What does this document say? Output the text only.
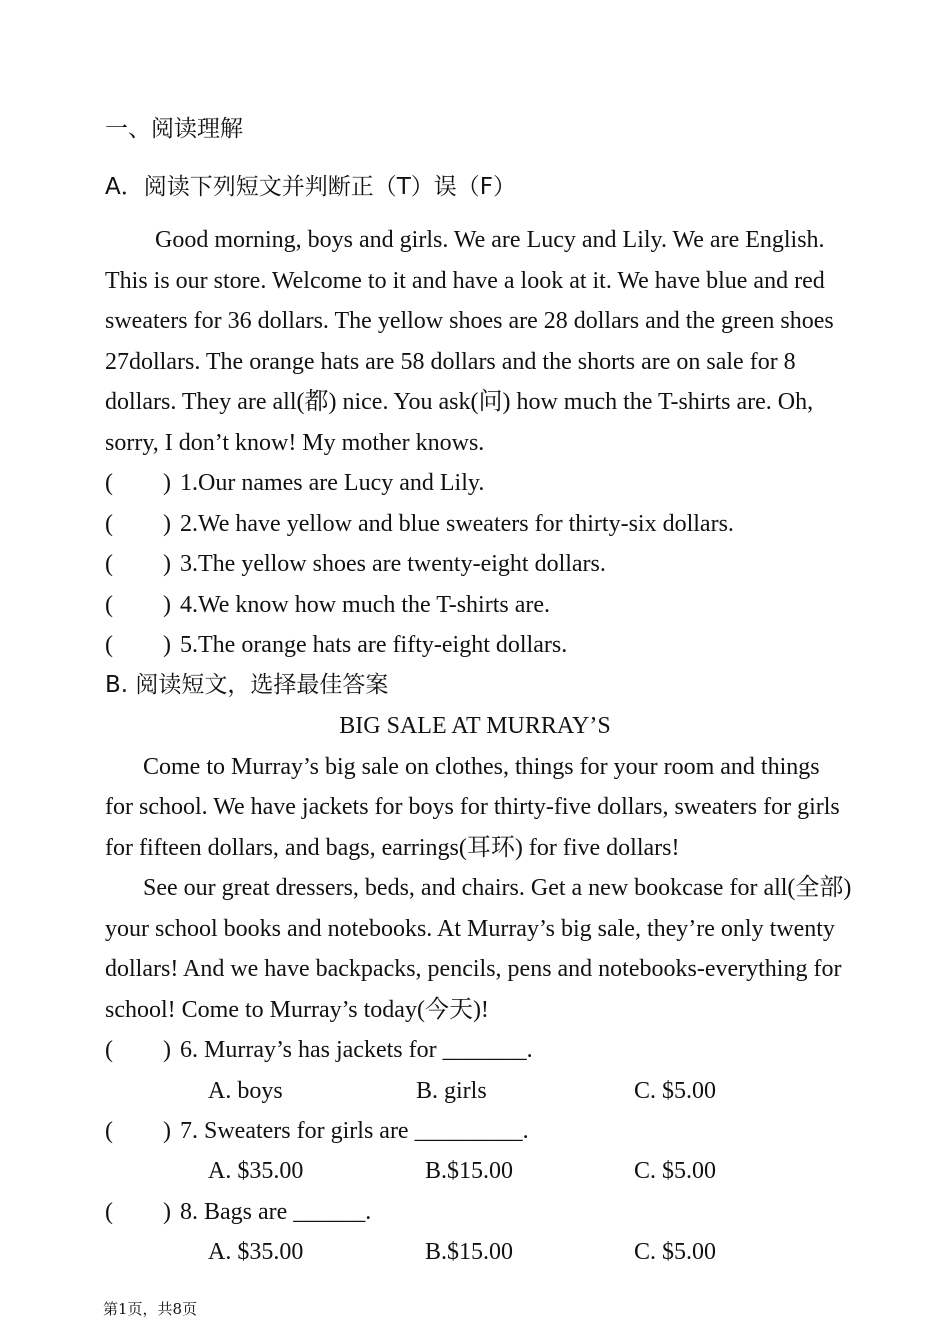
一、阅读理解
A．阅读下列短文并判断正（T）误（F）
Good morning, boys and girls. We are Lucy and Lily. We are English.
This is our store. Welcome to it and have a look at it. We have blue and red
sweaters for 36 dollars. The yellow shoes are 28 dollars and the green shoes
27dollars. The orange hats are 58 dollars and the shorts are on sale for 8
dollars. They are all(都) nice. You ask(问) how much the T-shirts are. Oh,
sorry, I don’t know! My mother knows.
( ) 1.Our names are Lucy and Lily.
( ) 2.We have yellow and blue sweaters for thirty-six dollars.
( ) 3.The yellow shoes are twenty-eight dollars.
( ) 4.We know how much the T-shirts are.
( ) 5.The orange hats are fifty-eight dollars.
B. 阅读短文，选择最佳答案
BIG SALE AT MURRAY’S
Come to Murray’s big sale on clothes, things for your room and things
for school. We have jackets for boys for thirty-five dollars, sweaters for girls
for fifteen dollars, and bags, earrings(耳环) for five dollars!
See our great dressers, beds, and chairs. Get a new bookcase for all(全部)
your school books and notebooks. At Murray’s big sale, they’re only twenty
dollars! And we have backpacks, pencils, pens and notebooks-everything for
school! Come to Murray’s today(今天)!
( ) 6. Murray’s has jackets for _______.
A. boys	B. girls	C. $5.00
( ) 7. Sweaters for girls are _________.
A. $35.00	B.$15.00	C. $5.00
( ) 8. Bags are ______.
A. $35.00	B.$15.00	C. $5.00
第1页，共8页
